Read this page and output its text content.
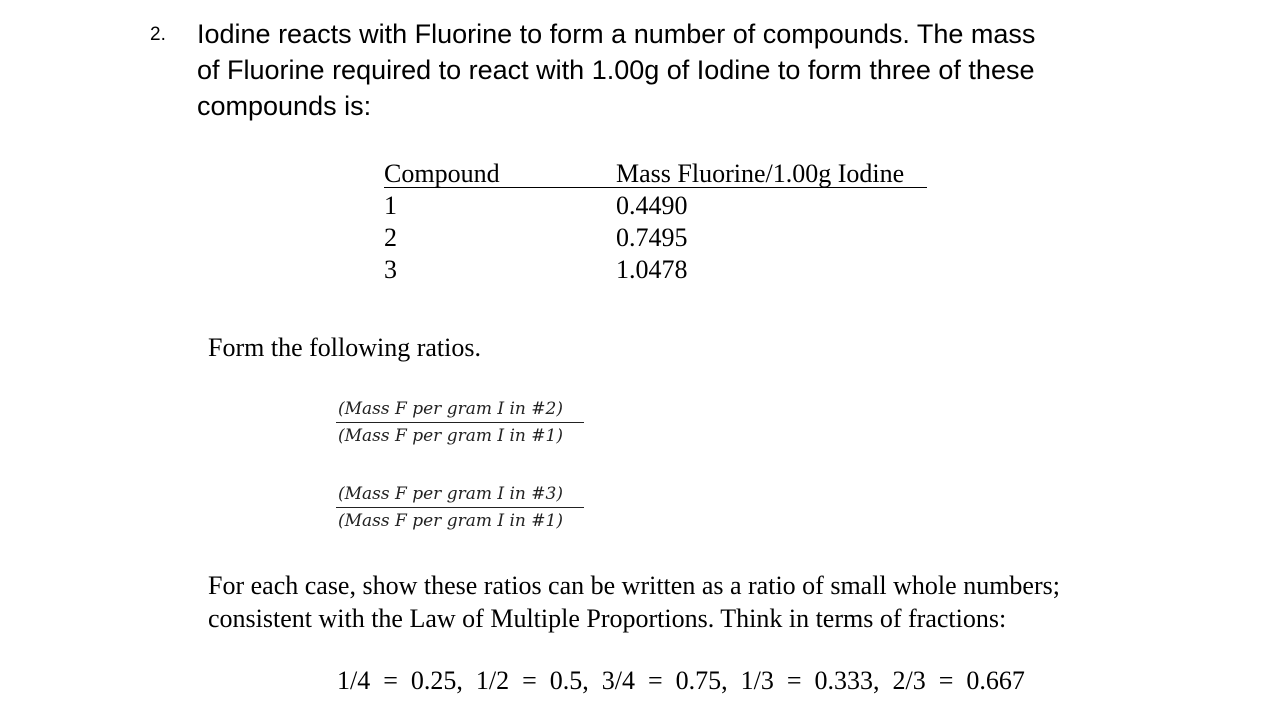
2. Iodine reacts with Fluorine to form a number of compounds. The mass
of Fluorine required to react with 1.00g of Iodine to form three of these
compounds is:
Compound
1
2
3
Mass Fluorine/1.00g Iodine
0.4490
0.7495
1.0478
Form the following ratios.
(Mass F per gram I in #2)
(Mass F per gram I in #1)
(Mass F per gram I in #3)
(Mass F per gram I in #1)
For each case, show these ratios can be written as a ratio of small whole numbers;
consistent with the Law of Multiple Proportions. Think in terms of fractions:
1/4  =  0.25,  1/2  =  0.5,  3/4  =  0.75,  1/3  =  0.333,  2/3  =  0.667
